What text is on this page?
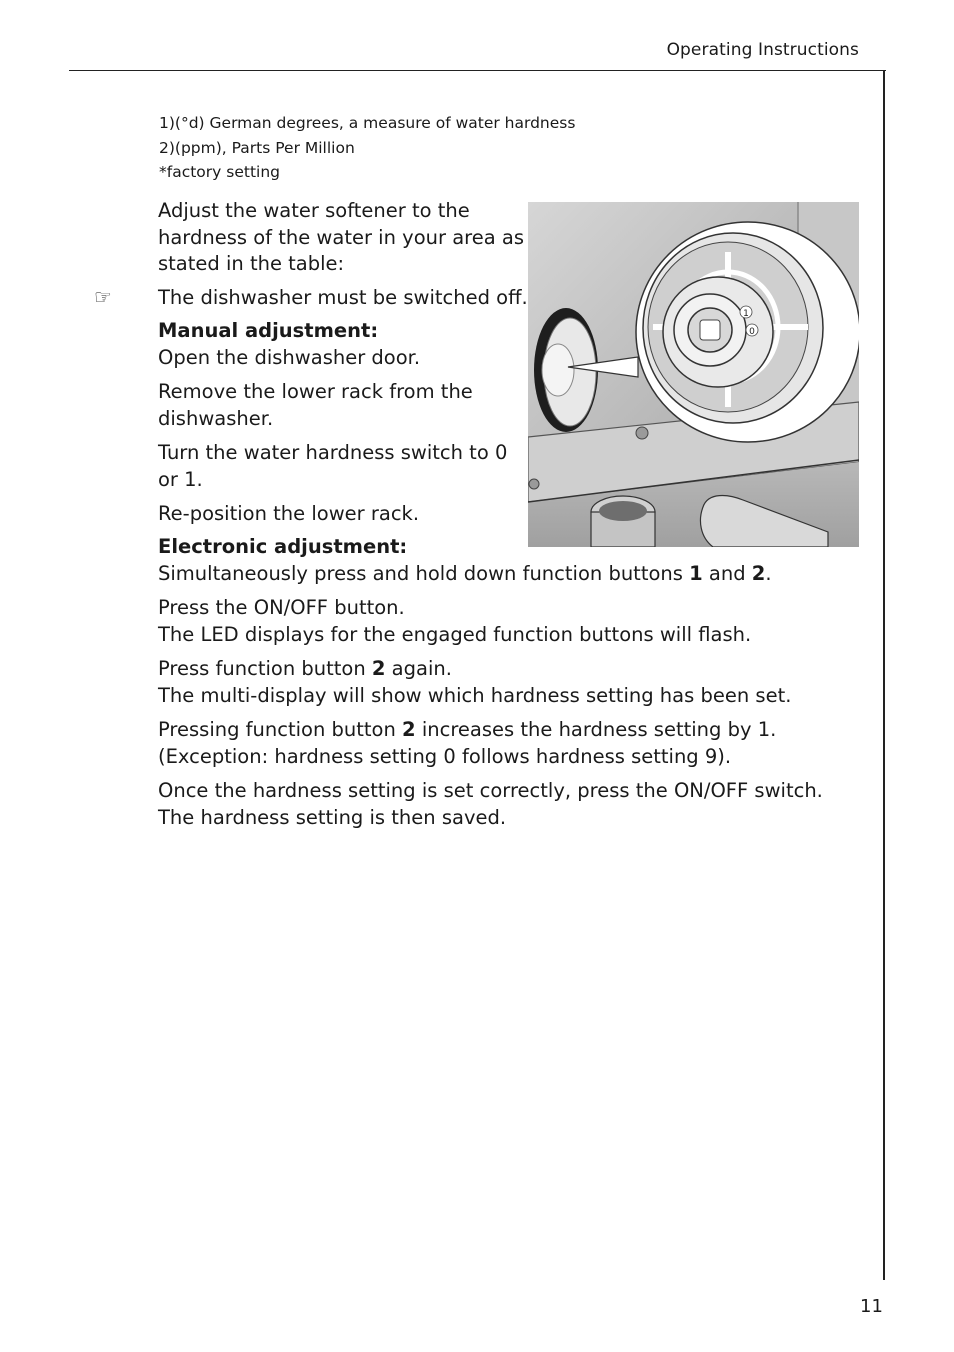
Operating Instructions
1)(°d) German degrees, a measure of water hardness
2)(ppm), Parts Per Million
*factory setting
Adjust the water softener to the hardness of the water in your area as stated in the table:
1
0
☞ The dishwasher must be switched off.
Manual adjustment:
Open the dishwasher door.
Remove the lower rack from the
dishwasher.
Turn the water hardness switch to 0
or 1.
Re-position the lower rack.
Electronic adjustment:
Simultaneously press and hold down function buttons 1 and 2.
Press the ON/OFF button.
The LED displays for the engaged function buttons will flash.
Press function button 2 again.
The multi-display will show which hardness setting has been set.
Pressing function button 2 increases the hardness setting by 1.
(Exception: hardness setting 0 follows hardness setting 9).
Once the hardness setting is set correctly, press the ON/OFF switch.
The hardness setting is then saved.
11
